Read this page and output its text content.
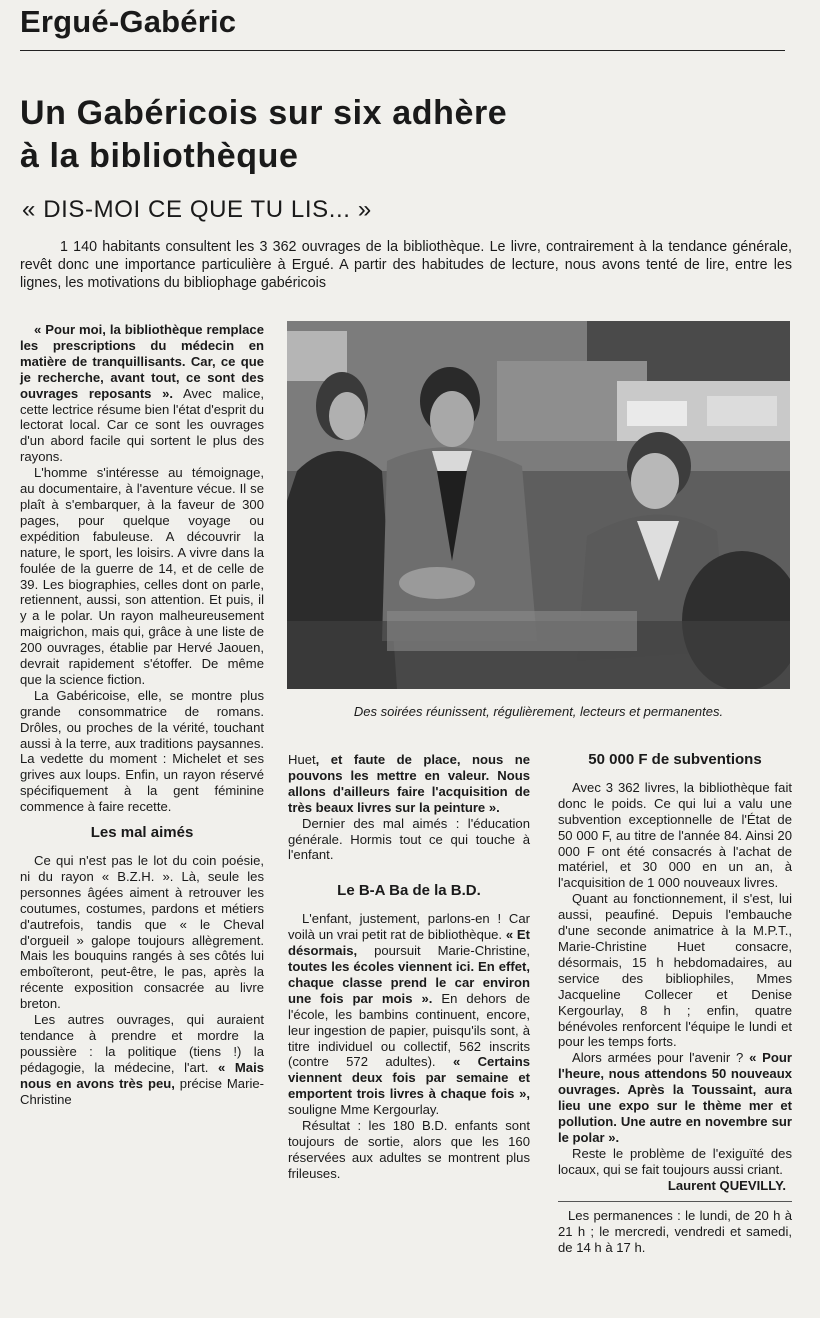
Ergué-Gabéric
Un Gabéricois sur six adhère
à la bibliothèque
« DIS-MOI CE QUE TU LIS... »

1 140 habitants consultent les 3 362 ouvrages de la bibliothèque. Le livre, contrairement à la tendance générale, revêt donc une importance particulière à Ergué. A partir des habitudes de lecture, nous avons tenté de lire, entre les lignes, les motivations du bibliophage gabéricois

Des soirées réunissent, régulièrement, lecteurs et permanentes.

« Pour moi, la bibliothèque remplace les prescriptions du médecin en matière de tranquillisants. Car, ce que je recherche, avant tout, ce sont des ouvrages reposants ». Avec malice, cette lectrice résume bien l'état d'esprit du lectorat local. Car ce sont les ouvrages d'un abord facile qui sortent le plus des rayons.

L'homme s'intéresse au témoignage, au documentaire, à l'aventure vécue. Il se plaît à s'embarquer, à la faveur de 300 pages, pour quelque voyage ou expédition fabuleuse. A découvrir la nature, le sport, les loisirs. A vivre dans la foulée de la guerre de 14, et de celle de 39. Les biographies, celles dont on parle, retiennent, aussi, son attention. Et puis, il y a le polar. Un rayon malheureusement maigrichon, mais qui, grâce à une liste de 200 ouvrages, établie par Hervé Jaouen, devrait rapidement s'étoffer. De même que la science fiction.

La Gabéricoise, elle, se montre plus grande consommatrice de romans. Drôles, ou proches de la vérité, touchant aussi à la terre, aux traditions paysannes. La vedette du moment : Michelet et ses grives aux loups. Enfin, un rayon réservé spécifiquement à la gent féminine commence à faire recette.

Les mal aimés

Ce qui n'est pas le lot du coin poésie, ni du rayon « B.Z.H. ». Là, seule les personnes âgées aiment à retrouver les coutumes, costumes, pardons et métiers d'autrefois, tandis que « le Cheval d'orgueil » galope toujours allègrement. Mais les bouquins rangés à ses côtés lui emboîteront, peut-être, le pas, après la récente exposition consacrée au livre breton.

Les autres ouvrages, qui auraient tendance à prendre et mordre la poussière : la politique (tiens !) la pédagogie, la médecine, l'art. « Mais nous en avons très peu, précise Marie-Christine

Huet, et faute de place, nous ne pouvons les mettre en valeur. Nous allons d'ailleurs faire l'acquisition de très beaux livres sur la peinture ».

Dernier des mal aimés : l'éducation générale. Hormis tout ce qui touche à l'enfant.

Le B-A Ba de la B.D.

L'enfant, justement, parlons-en ! Car voilà un vrai petit rat de bibliothèque. « Et désormais, poursuit Marie-Christine, toutes les écoles viennent ici. En effet, chaque classe prend le car environ une fois par mois ». En dehors de l'école, les bambins continuent, encore, leur ingestion de papier, puisqu'ils sont, à titre individuel ou collectif, 562 inscrits (contre 572 adultes). « Certains viennent deux fois par semaine et emportent trois livres à chaque fois », souligne Mme Kergourlay.

Résultat : les 180 B.D. enfants sont toujours de sortie, alors que les 160 réservées aux adultes se montrent plus frileuses.

50 000 F de subventions

Avec 3 362 livres, la bibliothèque fait donc le poids. Ce qui lui a valu une subvention exceptionnelle de l'État de 50 000 F, au titre de l'année 84. Ainsi 20 000 F ont été consacrés à l'achat de matériel, et 30 000 en un an, à l'acquisition de 1 000 nouveaux livres.

Quant au fonctionnement, il s'est, lui aussi, peaufiné. Depuis l'embauche d'une seconde animatrice à la M.P.T., Marie-Christine Huet consacre, désormais, 15 h hebdomadaires, au service des bibliophiles, Mmes Jacqueline Collecer et Denise Kergourlay, 8 h ; enfin, quatre bénévoles renforcent l'équipe le lundi et pour les temps forts.

Alors armées pour l'avenir ? « Pour l'heure, nous attendons 50 nouveaux ouvrages. Après la Toussaint, aura lieu une expo sur le thème mer et pollution. Une autre en novembre sur le polar ».

Reste le problème de l'exiguïté des locaux, qui se fait toujours aussi criant.

Laurent QUEVILLY.

Les permanences : le lundi, de 20 h à 21 h ; le mercredi, vendredi et samedi, de 14 h à 17 h.
